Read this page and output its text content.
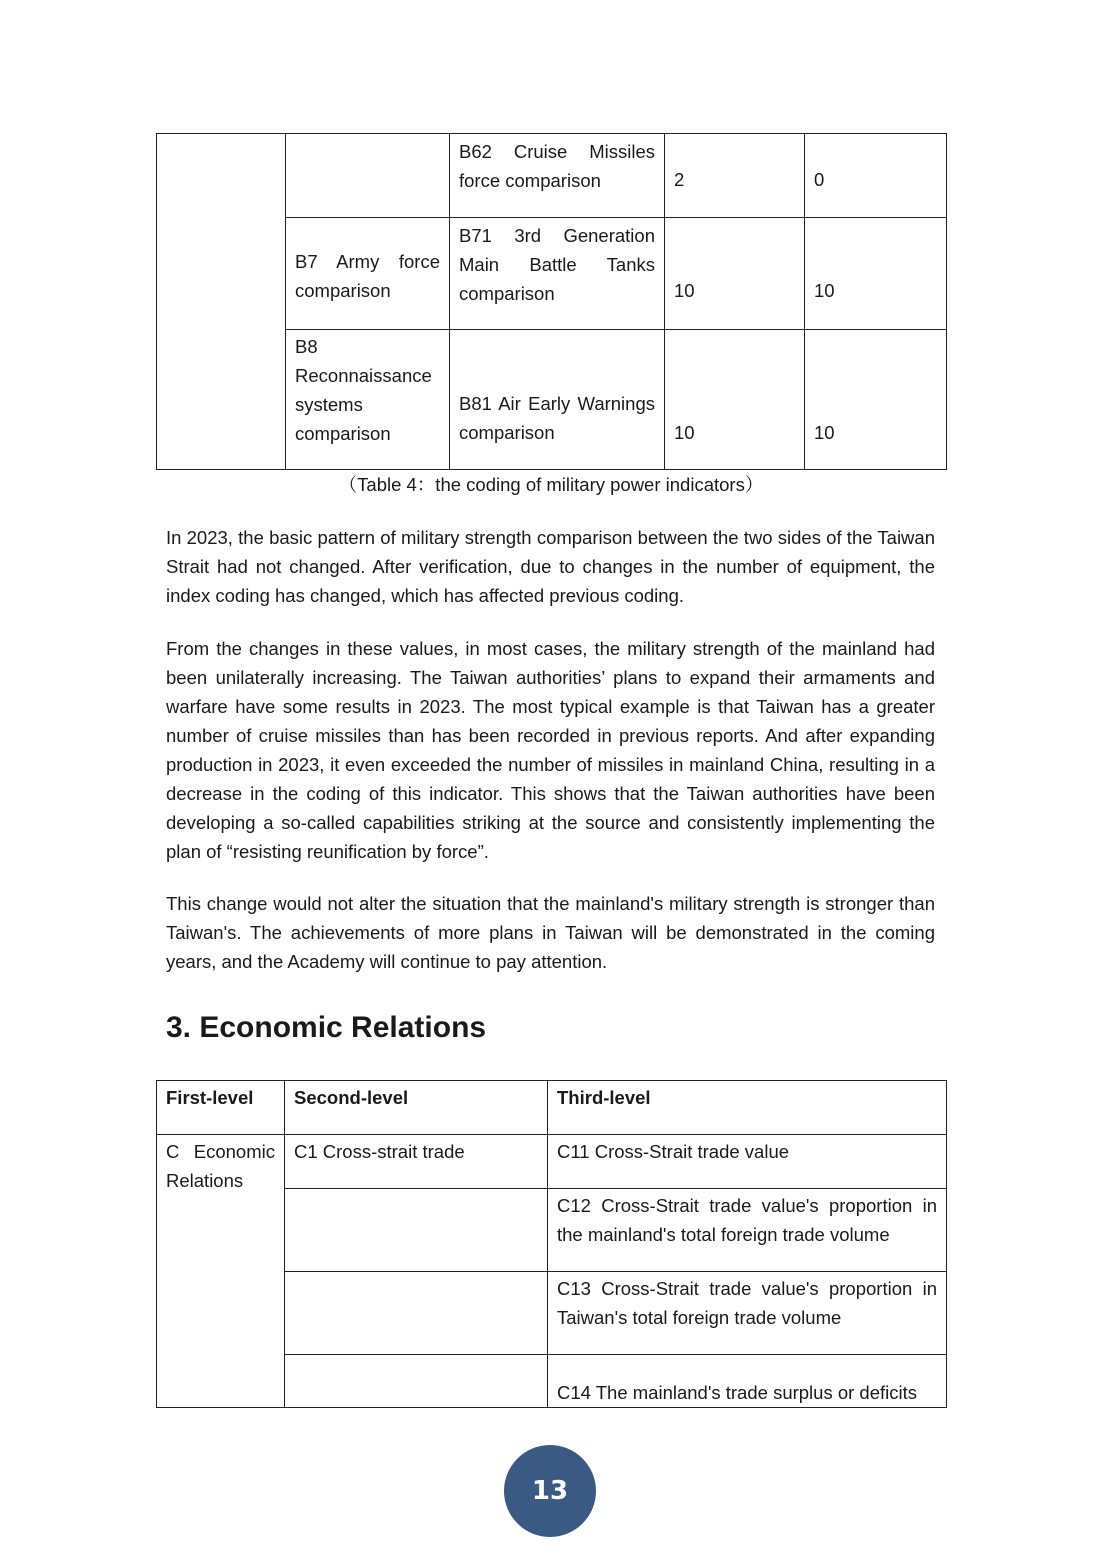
		B62 Cruise Missiles force comparison	2	0
	B7 Army force comparison	B71 3rd Generation Main Battle Tanks comparison	10	10
	B8 Reconnaissance systems comparison	B81 Air Early Warnings comparison	10	10
（Table 4：the coding of military power indicators）

In 2023, the basic pattern of military strength comparison between the two sides of the Taiwan Strait had not changed. After verification, due to changes in the number of equipment, the index coding has changed, which has affected previous coding.

From the changes in these values, in most cases, the military strength of the mainland had been unilaterally increasing. The Taiwan authorities’ plans to expand their armaments and warfare have some results in 2023. The most typical example is that Taiwan has a greater number of cruise missiles than has been recorded in previous reports. And after expanding production in 2023, it even exceeded the number of missiles in mainland China, resulting in a decrease in the coding of this indicator. This shows that the Taiwan authorities have been developing a so-called capabilities striking at the source and consistently implementing the plan of “resisting reunification by force”.

This change would not alter the situation that the mainland's military strength is stronger than Taiwan's. The achievements of more plans in Taiwan will be demonstrated in the coming years, and the Academy will continue to pay attention.

3. Economic Relations
First-level	Second-level	Third-level
C Economic Relations	C1 Cross-strait trade	C11 Cross-Strait trade value
		C12 Cross-Strait trade value's proportion in the mainland's total foreign trade volume
		C13 Cross-Strait trade value's proportion in Taiwan's total foreign trade volume
		C14 The mainland's trade surplus or deficits
13
